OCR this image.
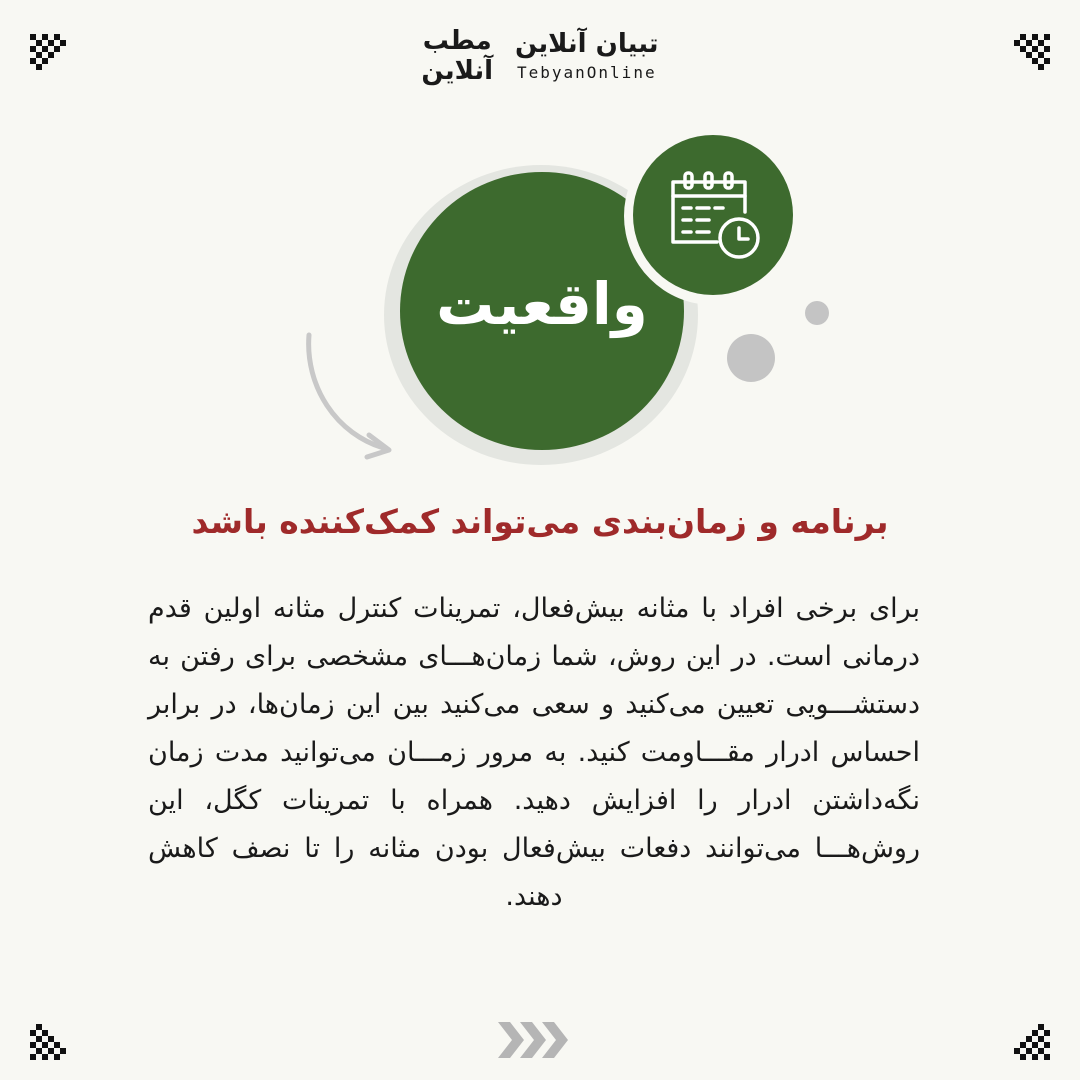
مطب
آنلاین
تبیان آنلاین
TebyanOnline
واقعیت
برنامه و زمان‌بندی می‌تواند کمک‌کننده باشد
برای برخی افراد با مثانه بیش‌فعال، تمرینات کنترل مثانه اولین قدم درمانی است. در این روش، شما زمان‌هـــای مشخصی برای رفتن به دستشـــویی تعیین می‌کنید و سعی می‌کنید بین این زمان‌ها، در برابر احساس ادرار مقـــاومت کنید. به مرور زمـــان می‌توانید مدت زمان نگه‌داشتن ادرار را افزایش دهید. همراه با تمرینات کگل، این روش‌هـــا می‌توانند دفعات بیش‌فعال بودن مثانه را تا نصف کاهش دهند.
